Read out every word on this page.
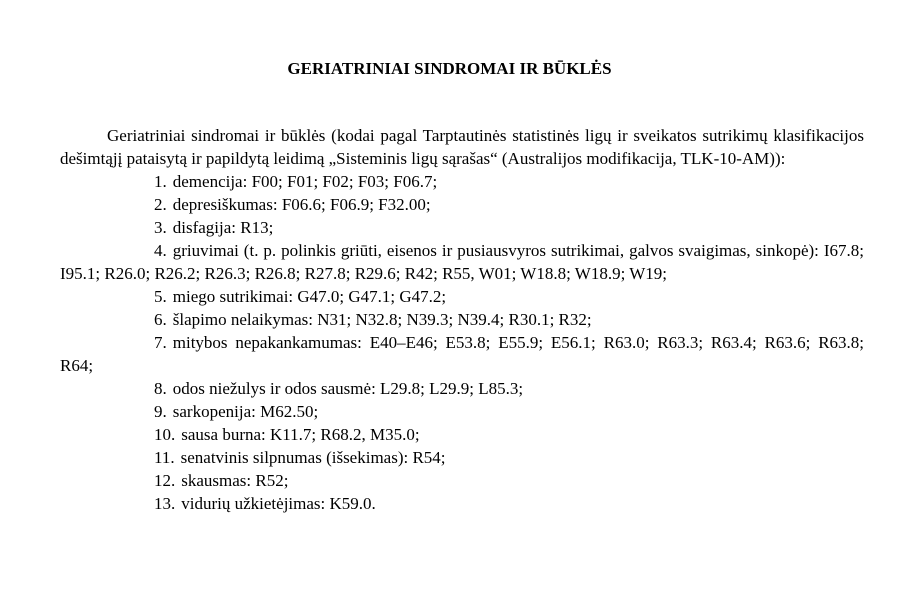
GERIATRINIAI SINDROMAI IR BŪKLĖS

Geriatriniai sindromai ir būklės (kodai pagal Tarptautinės statistinės ligų ir sveikatos sutrikimų klasifikacijos dešimtąjį pataisytą ir papildytą leidimą „Sisteminis ligų sąrašas“ (Australijos modifikacija, TLK-10-AM)):

1. demencija: F00; F01; F02; F03; F06.7;
2. depresiškumas: F06.6; F06.9; F32.00;
3. disfagija: R13;
4. griuvimai (t. p. polinkis griūti, eisenos ir pusiausvyros sutrikimai, galvos svaigimas, sinkopė): I67.8; I95.1; R26.0; R26.2; R26.3; R26.8; R27.8; R29.6; R42; R55, W01; W18.8; W18.9; W19;
5. miego sutrikimai: G47.0; G47.1; G47.2;
6. šlapimo nelaikymas: N31; N32.8; N39.3; N39.4; R30.1; R32;
7. mitybos nepakankamumas: E40–E46; E53.8; E55.9; E56.1; R63.0; R63.3; R63.4; R63.6; R63.8; R64;
8. odos niežulys ir odos sausmė: L29.8; L29.9; L85.3;
9. sarkopenija: M62.50;
10. sausa burna: K11.7; R68.2, M35.0;
11. senatvinis silpnumas (išsekimas): R54;
12. skausmas: R52;
13. vidurių užkietėjimas: K59.0.
